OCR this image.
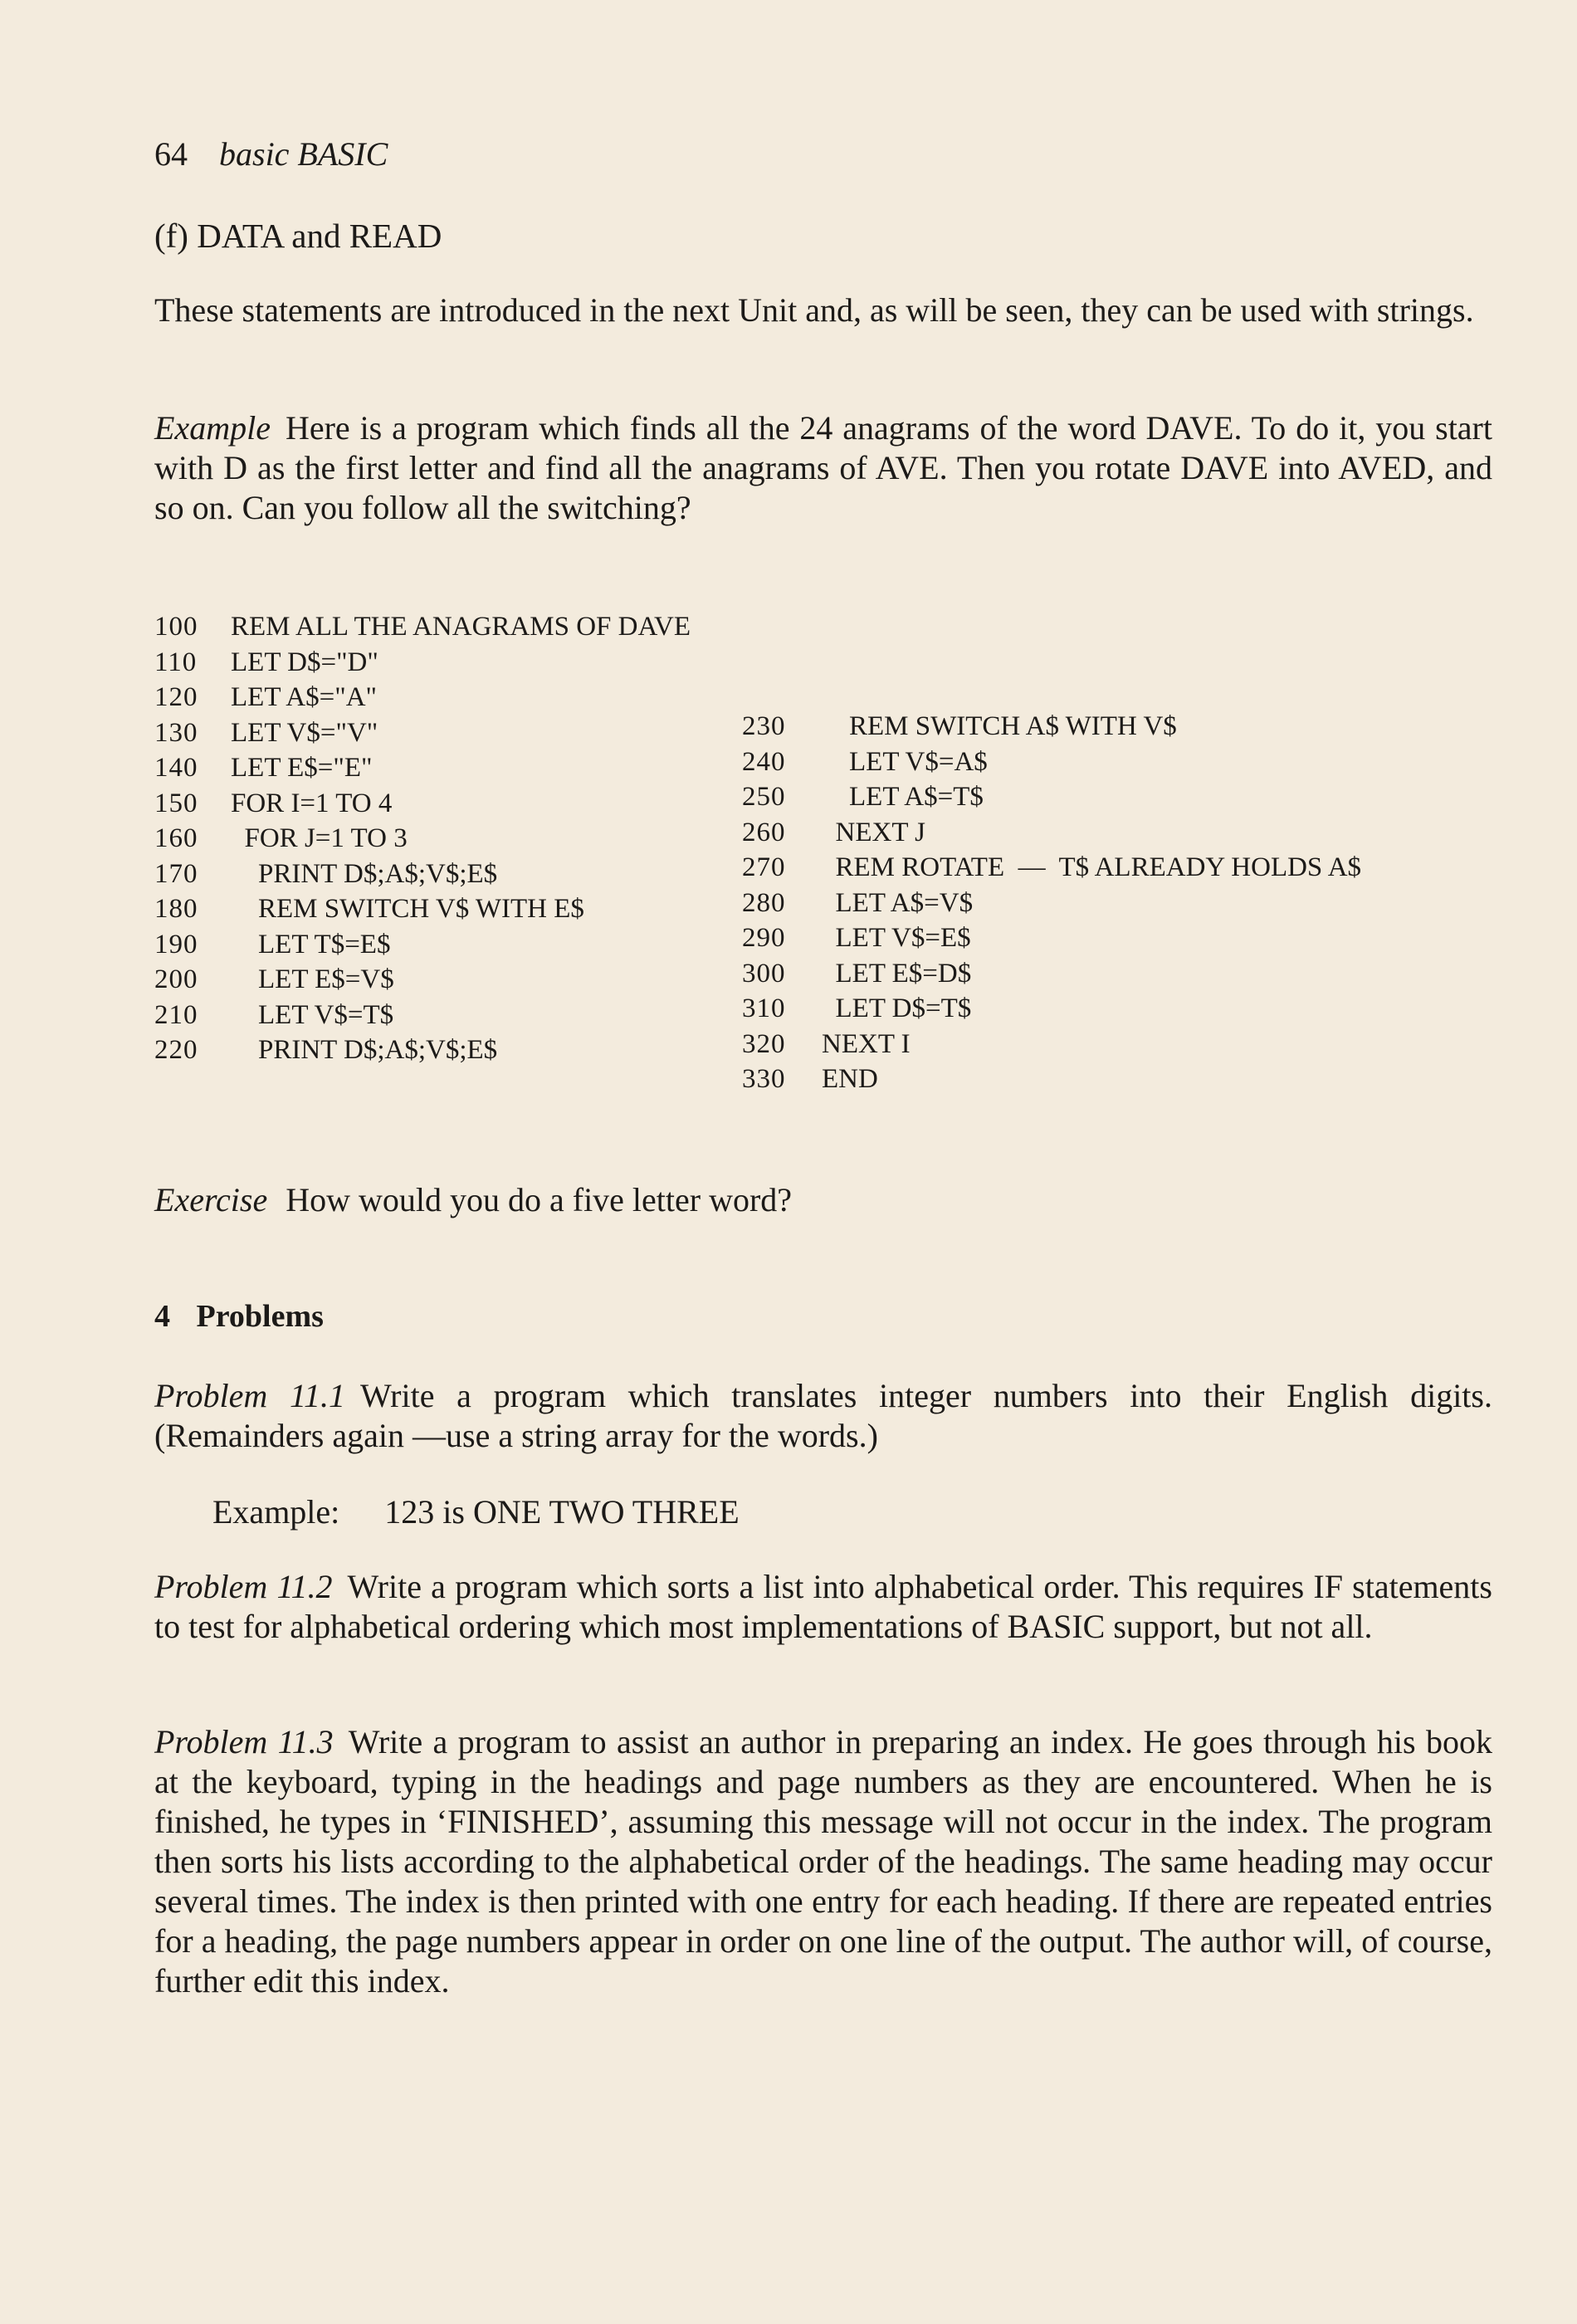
64 basic BASIC
(f) DATA and READ
These statements are introduced in the next Unit and, as will be seen, they can be used with strings.
Example Here is a program which finds all the 24 anagrams of the word DAVE. To do it, you start with D as the first letter and find all the anagrams of AVE. Then you rotate DAVE into AVED, and so on. Can you follow all the switching?
100 REM ALL THE ANAGRAMS OF DAVE
110 LET D$="D"
120 LET A$="A"
130 LET V$="V"
140 LET E$="E"
150 FOR I=1 TO 4
160 FOR J=1 TO 3
170 PRINT D$;A$;V$;E$
180 REM SWITCH V$ WITH E$
190 LET T$=E$
200 LET E$=V$
210 LET V$=T$
220 PRINT D$;A$;V$;E$
230 REM SWITCH A$ WITH V$
240 LET V$=A$
250 LET A$=T$
260 NEXT J
270 REM ROTATE  —  T$ ALREADY HOLDS A$
280 LET A$=V$
290 LET V$=E$
300 LET E$=D$
310 LET D$=T$
320 NEXT I
330 END
Exercise How would you do a five letter word?
4 Problems
Problem 11.1 Write a program which translates integer numbers into their English digits. (Remainders again —use a string array for the words.)
Example: 123 is ONE TWO THREE
Problem 11.2 Write a program which sorts a list into alphabetical order. This requires IF statements to test for alphabetical ordering which most implementations of BASIC support, but not all.
Problem 11.3 Write a program to assist an author in preparing an index. He goes through his book at the keyboard, typing in the headings and page numbers as they are encountered. When he is finished, he types in ‘FINISHED’, assuming this message will not occur in the index. The program then sorts his lists according to the alphabetical order of the headings. The same heading may occur several times. The index is then printed with one entry for each heading. If there are repeated entries for a heading, the page numbers appear in order on one line of the output. The author will, of course, further edit this index.
